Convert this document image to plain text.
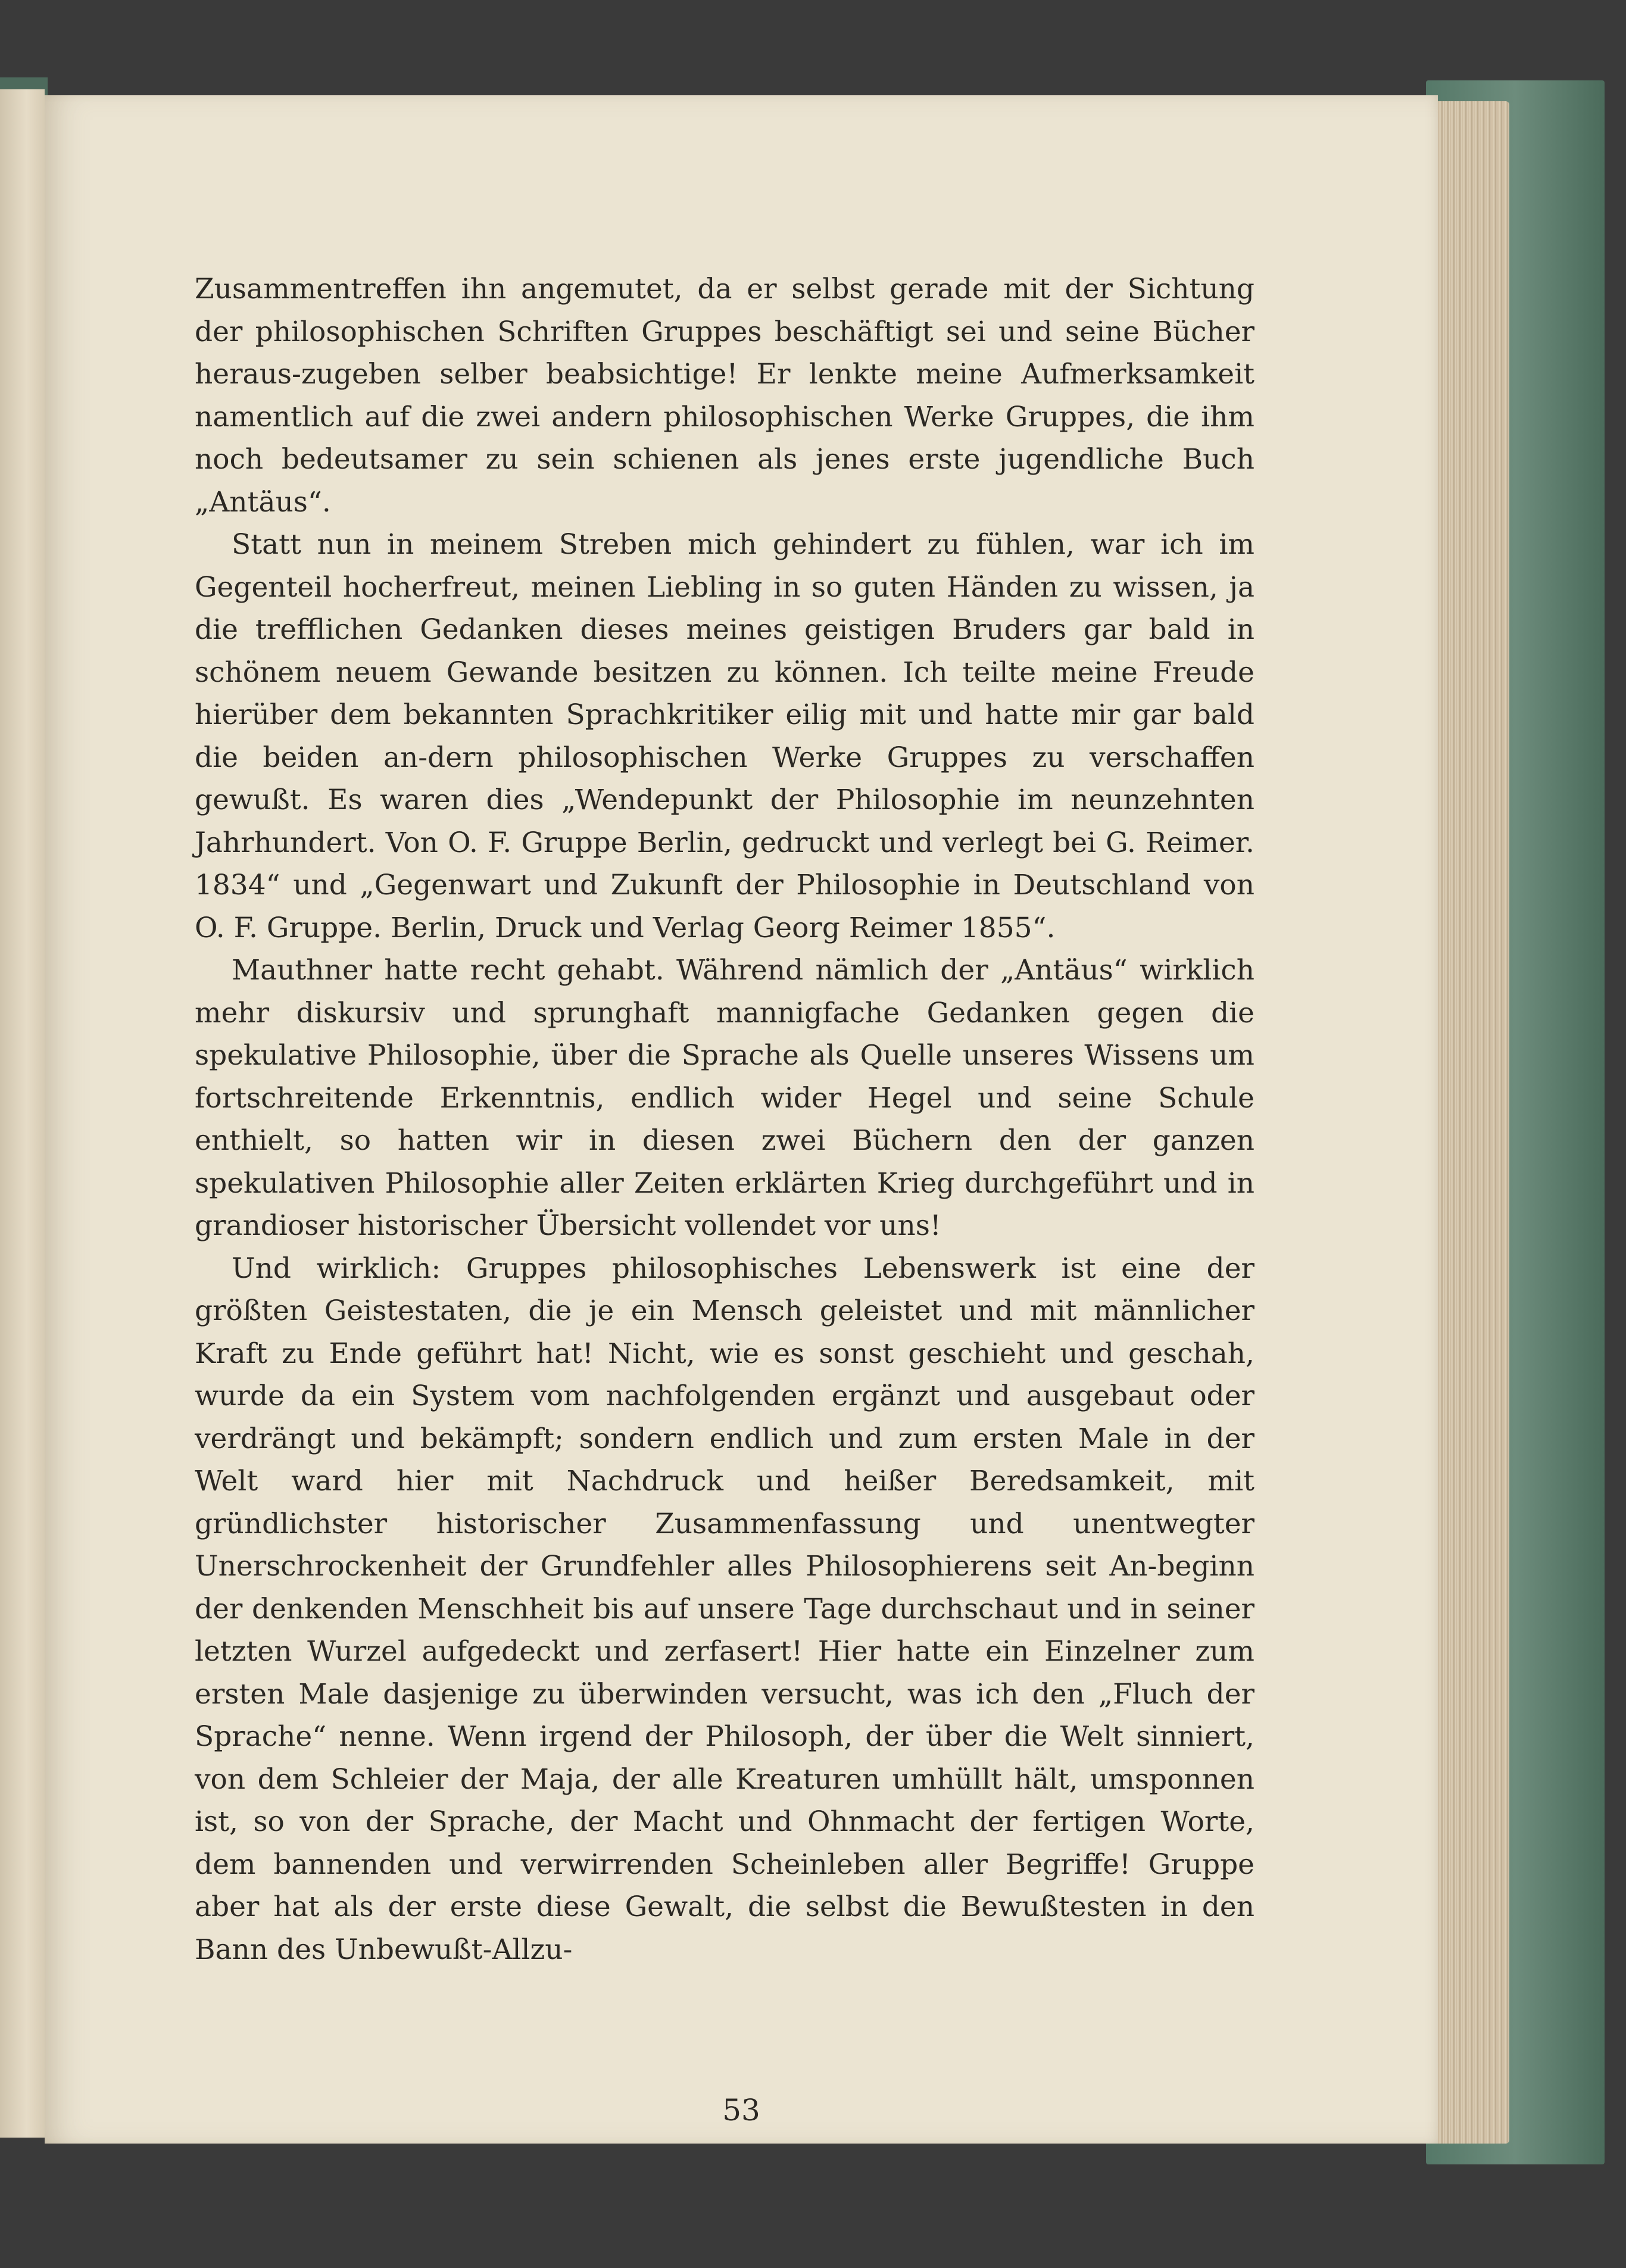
Zusammentreffen ihn angemutet, da er selbst gerade mit der Sichtung der philosophischen Schriften Gruppes beschäftigt sei und seine Bücher heraus-zugeben selber beabsichtige! Er lenkte meine Aufmerksamkeit namentlich auf die zwei andern philosophischen Werke Gruppes, die ihm noch bedeutsamer zu sein schienen als jenes erste jugendliche Buch „Antäus“.

Statt nun in meinem Streben mich gehindert zu fühlen, war ich im Gegenteil hocherfreut, meinen Liebling in so guten Händen zu wissen, ja die trefflichen Gedanken dieses meines geistigen Bruders gar bald in schönem neuem Gewande besitzen zu können. Ich teilte meine Freude hierüber dem bekannten Sprachkritiker eilig mit und hatte mir gar bald die beiden an-dern philosophischen Werke Gruppes zu verschaffen gewußt. Es waren dies „Wendepunkt der Philosophie im neunzehnten Jahrhundert. Von O. F. Gruppe Berlin, gedruckt und verlegt bei G. Reimer. 1834“ und „Gegenwart und Zukunft der Philosophie in Deutschland von O. F. Gruppe. Berlin, Druck und Verlag Georg Reimer 1855“.

Mauthner hatte recht gehabt. Während nämlich der „Antäus“ wirklich mehr diskursiv und sprunghaft mannigfache Gedanken gegen die spekulative Philosophie, über die Sprache als Quelle unseres Wissens um fortschreitende Erkenntnis, endlich wider Hegel und seine Schule enthielt, so hatten wir in diesen zwei Büchern den der ganzen spekulativen Philosophie aller Zeiten erklärten Krieg durchgeführt und in grandioser historischer Übersicht vollendet vor uns!

Und wirklich: Gruppes philosophisches Lebenswerk ist eine der größten Geistestaten, die je ein Mensch geleistet und mit männlicher Kraft zu Ende geführt hat! Nicht, wie es sonst geschieht und geschah, wurde da ein System vom nachfolgenden ergänzt und ausgebaut oder verdrängt und bekämpft; sondern endlich und zum ersten Male in der Welt ward hier mit Nachdruck und heißer Beredsamkeit, mit gründlichster historischer Zusammenfassung und unentwegter Unerschrockenheit der Grundfehler alles Philosophierens seit An-beginn der denkenden Menschheit bis auf unsere Tage durchschaut und in seiner letzten Wurzel aufgedeckt und zerfasert! Hier hatte ein Einzelner zum ersten Male dasjenige zu überwinden versucht, was ich den „Fluch der Sprache“ nenne. Wenn irgend der Philosoph, der über die Welt sinniert, von dem Schleier der Maja, der alle Kreaturen umhüllt hält, umsponnen ist, so von der Sprache, der Macht und Ohnmacht der fertigen Worte, dem bannenden und verwirrenden Scheinleben aller Begriffe! Gruppe aber hat als der erste diese Gewalt, die selbst die Bewußtesten in den Bann des Unbewußt-Allzu-

53
